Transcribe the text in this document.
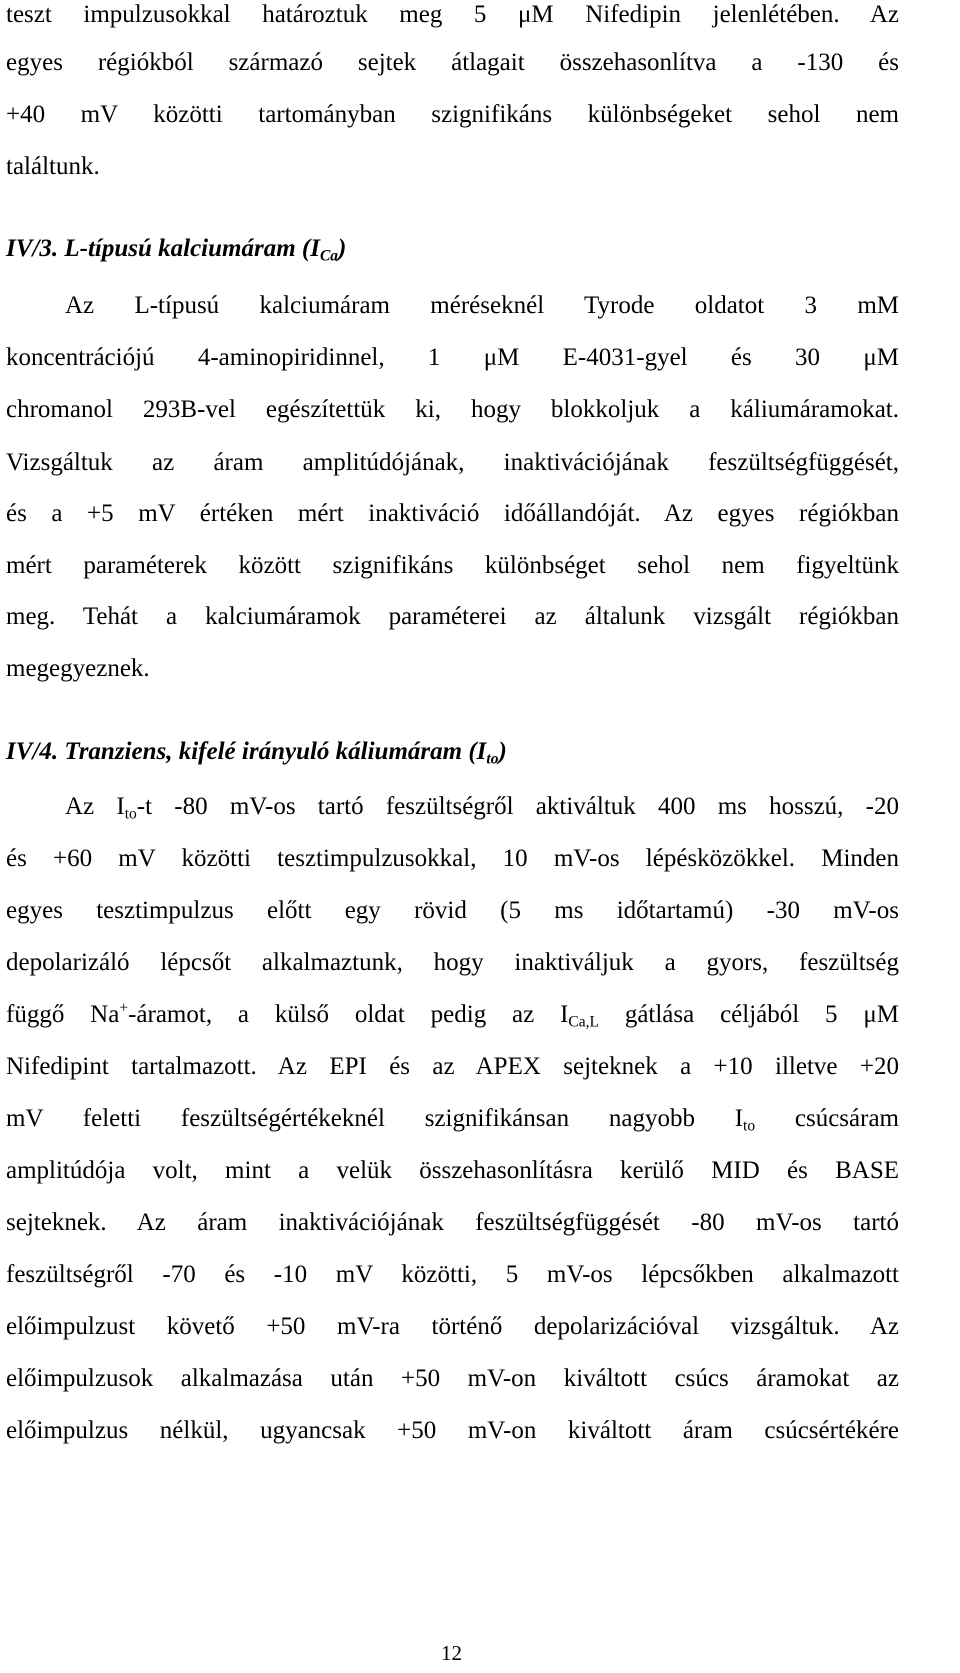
teszt impulzusokkal határoztuk meg 5 μM Nifedipin jelenlétében. Az
egyes régiókból származó sejtek átlagait összehasonlítva a -130 és
+40 mV közötti tartományban szignifikáns különbségeket sehol nem
találtunk.
IV/3. L-típusú kalciumáram $(I_{Ca})$
Az L-típusú kalciumáram méréseknél Tyrode oldatot 3 mM
koncentrációjú 4-aminopiridinnel, 1 μM E-4031-gyel és 30 μM
chromanol 293B-vel egészítettük ki, hogy blokkoljuk a káliumáramokat.
Vizsgáltuk az áram amplitúdójának, inaktivációjának feszültségfüggését,
és a +5 mV értéken mért inaktiváció időállandóját. Az egyes régiókban
mért paraméterek között szignifikáns különbséget sehol nem figyeltünk
meg. Tehát a kalciumáramok paraméterei az általunk vizsgált régiókban
megegyeznek.
IV/4. Tranziens, kifelé irányuló káliumáram $(I_{to})$
Az $I_{to}-t$ -80 mV-os tartó feszültségről aktiváltuk 400 ms hosszú, -20
és +60 mV közötti tesztimpulzusokkal, 10 mV-os lépésközökkel. Minden
egyes tesztimpulzus előtt egy rövid (5 ms időtartamú) -30 mV-os
depolarizáló lépcsőt alkalmaztunk, hogy inaktiváljuk a gyors, feszültség
függő Na+-áramot, a külső oldat pedig az $I_{Ca,L}$ gátlása céljából 5 μM
Nifedipint tartalmazott. Az EPI és az APEX sejteknek a +10 illetve +20
mV feletti feszültségértékeknél szignifikánsan nagyobb $I_{to}$ csúcsáram
amplitúdója volt, mint a velük összehasonlításra kerülő MID és BASE
sejteknek. Az áram inaktivációjának feszültségfüggését -80 mV-os tartó
feszültségről -70 és -10 mV közötti, 5 mV-os lépcsőkben alkalmazott
előimpulzust követő +50 mV-ra történő depolarizációval vizsgáltuk. Az
előimpulzusok alkalmazása után +50 mV-on kiváltott csúcs áramokat az
előimpulzus nélkül, ugyancsak +50 mV-on kiváltott áram csúcsértékére
12
